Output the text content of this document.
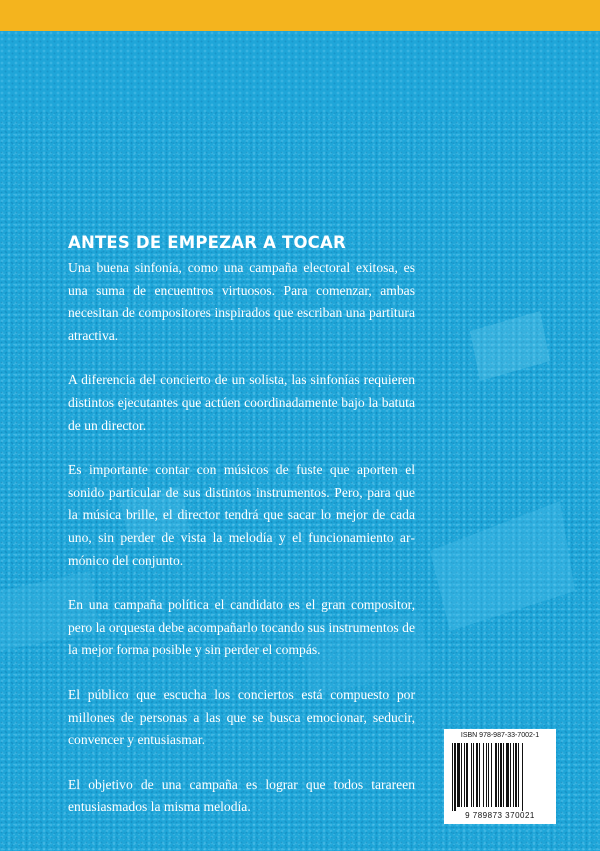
ANTES DE EMPEZAR A TOCAR

Una buena sinfonía, como una campaña electoral exitosa, es una suma de encuentros virtuosos. Para comenzar, ambas necesitan de compositores inspirados que escriban una partitura atractiva.

A diferencia del concierto de un solista, las sinfonías requieren distintos ejecutantes que actúen coordinadamente bajo la batuta de un director.

Es importante contar con músicos de fuste que aporten el sonido particular de sus distintos instrumentos. Pero, para que la música brille, el director tendrá que sacar lo mejor de cada uno, sin perder de vista la melodía y el funcionamiento armónico del conjunto.

En una campaña política el candidato es el gran compositor, pero la orquesta debe acompañarlo tocando sus instrumentos de la mejor forma posible y sin perder el compás.

El público que escucha los conciertos está compuesto por millones de personas a las que se busca emocionar, seducir, convencer y entusiasmar.

El objetivo de una campaña es lograr que todos tarareen entusiasmados la misma melodía.

ISBN 978-987-33-7002-1
9 789873 370021
